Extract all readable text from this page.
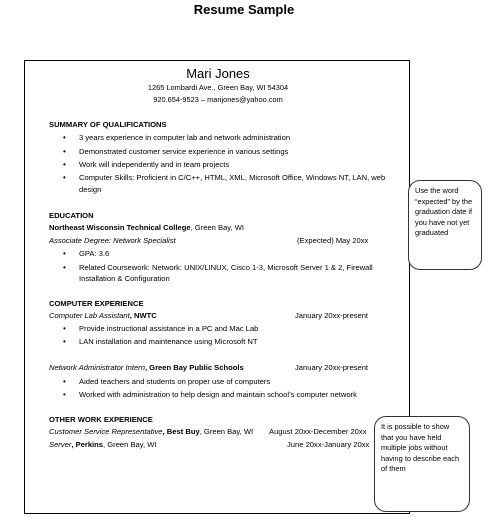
Resume Sample
Mari Jones
1265 Lombardi Ave., Green Bay, WI 54304
920.654-9523 – marijones@yahoo.com
SUMMARY OF QUALIFICATIONS
• 3 years experience in computer lab and network administration
• Demonstrated customer service experience in various settings
• Work will independently and in team projects
• Computer Skills: Proficient in C/C++, HTML, XML, Microsoft Office, Windows NT, LAN, web
design
EDUCATION
Northeast Wisconsin Technical College, Green Bay, WI
Associate Degree: Network Specialist	(Expected) May 20xx
• GPA: 3.6
• Related Coursework: Network: UNIX/LINUX, Cisco 1-3, Microsoft Server 1 & 2, Firewall
Installation & Configuration
COMPUTER EXPERIENCE
Computer Lab Assistant, NWTC	January 20xx-present
• Provide instructional assistance in a PC and Mac Lab
• LAN installation and maintenance using Microsoft NT
Network Administrator Intern, Green Bay Public Schools	January 20xx-present
• Aided teachers and students on proper use of computers
• Worked with administration to help design and maintain school’s computer network
OTHER WORK EXPERIENCE
Customer Service Representative, Best Buy, Green Bay, WI August 20xx-December 20xx
Server, Perkins, Green Bay, WI	June 20xx-January 20xx
Use the word “expected” by the graduation date if you have not yet graduated
It is possible to show that you have held multiple jobs without having to describe each of them
